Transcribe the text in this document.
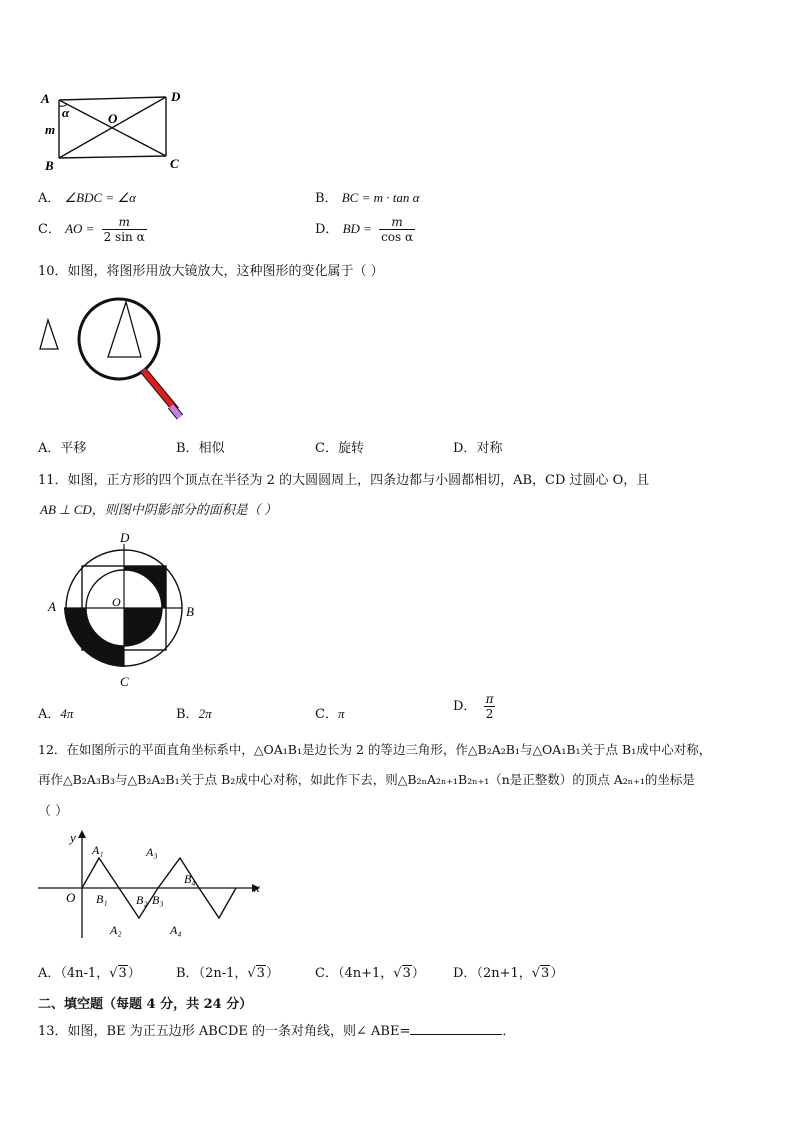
A	D
B	C
O
α
m
A． ∠BDC = ∠α	B． BC = m · tan α
C． AO = $\frac{m}{\text{2 sin α}}$	D． BD = $\frac{m}{\text{cos α}}$
10．如图，将图形用放大镜放大，这种图形的变化属于（ ）
A．平移	B．相似	C．旋转	D．对称
11．如图，正方形的四个顶点在半径为 2 的大圆圆周上，四条边都与小圆都相切，AB，CD 过圆心 O，且
AB ⊥ CD，则图中阴影部分的面积是（ ）
D
A	B
C
O
A．4π	B．2π	C．π	D． $\frac{\pi}{2}$
12．在如图所示的平面直角坐标系中，△OA₁B₁是边长为 2 的等边三角形，作△B₂A₂B₁与△OA₁B₁关于点 B₁成中心对称，
再作△B₂A₃B₃与△B₂A₂B₁关于点 B₂成中心对称，如此作下去，则△B₂ₙA₂ₙ₊₁B₂ₙ₊₁（n是正整数）的顶点 A₂ₙ₊₁的坐标是
（ ）
y
x
O
A₁	A₃
B₄
B₁ B₂ B₃
A₂	A₄
A．（4n-1，√3）	B．（2n-1，√3）	C．（4n+1，√3） D．（2n+1，√3）
二、填空题（每题 4 分，共 24 分）
13．如图，BE 为正五边形 ABCDE 的一条对角线，则∠ ABE=	．
